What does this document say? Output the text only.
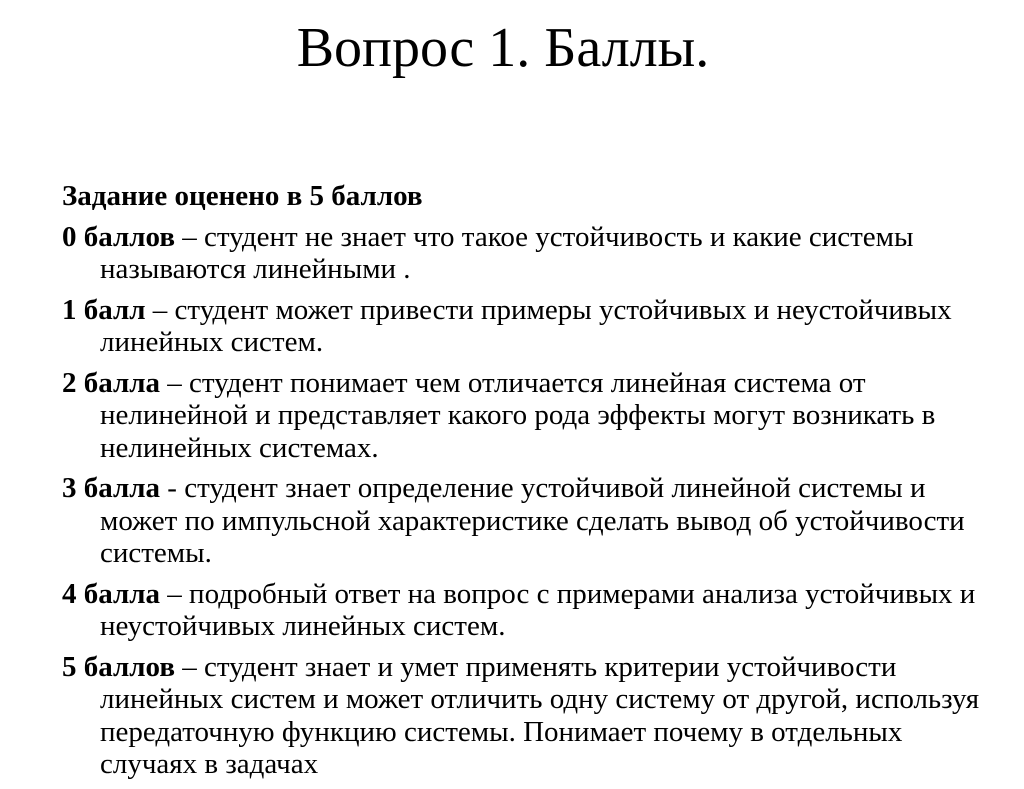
Вопрос 1. Баллы.
Задание оценено в 5 баллов
0 баллов – студент не знает что такое устойчивость и какие системы называются линейными .
1 балл – студент может привести примеры устойчивых и неустойчивых линейных систем.
2 балла – студент понимает чем отличается линейная система от нелинейной и представляет какого рода эффекты могут возникать в нелинейных системах.
3 балла - студент знает определение устойчивой линейной системы и может по импульсной характеристике сделать вывод об устойчивости системы.
4 балла – подробный ответ на вопрос с примерами анализа устойчивых и неустойчивых линейных систем.
5 баллов – студент знает и умет применять критерии устойчивости линейных систем и может отличить одну систему от другой, используя передаточную функцию системы. Понимает почему в отдельных случаях в задачах
